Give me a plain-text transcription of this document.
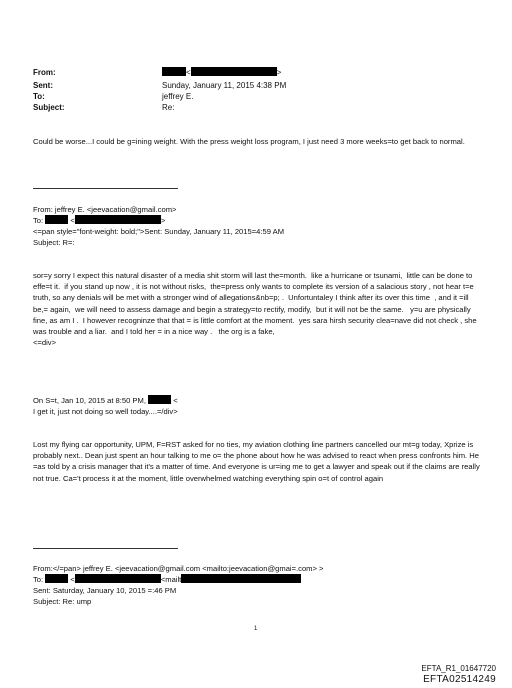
From:	<	>
Sent:	Sunday, January 11, 2015 4:38 PM
To:	jeffrey E.
Subject:	Re:
Could be worse...I could be g=ining weight. With the press weight loss program, I just need 3 more weeks=to get back to normal.
From: jeffrey E. <jeevacation@gmail.com>
To:	<	>
<=pan style="font-weight: bold;">Sent: Sunday, January 11, 2015=4:59 AM
Subject: R=:
sor=y sorry I expect this natural disaster of a media shit storm will last the=month.  like a hurricane or tsunami,  little can be done to effe=t it.  if you stand up now , it is not without risks,  the=press only wants to complete its version of a salacious story , not hear t=e truth, so any denials will be met with a stronger wind of allegations&nb=p; .  Unfortuntaley I think after its over this time  , and it =ill be,= again,  we will need to assess damage and begin a strategy=to rectify, modify,  but it will not be the same.   y=u are physically fine, as am I .  I however recogninze that that = is little comfort at the moment.  yes sara hirsh security clea=nave did not check , she was trouble and a liar.  and I told her = in a nice way .   the org is a fake,
<=div>
On S=t, Jan 10, 2015 at 8:50 PM,	<
I get it, just not doing so well today....=/div>
Lost my flying car opportunity, UPM, F=RST asked for no ties, my aviation clothing line partners cancelled our mt=g today, Xprize is probably next.. Dean just spent an hour talking to me o= the phone about how he was advised to react when press confronts him. He =as told by a crisis manager that it's a matter of time. And everyone is ur=ing me to get a lawyer and speak out if the claims are really not true. Ca='t process it at the moment, little overwhelmed watching everything spin o=t of control again
From:</=pan> jeffrey E. <jeevacation@gmail.com <mailto:jeevacation@gmai=.com> >
To:	<	<mailt
Sent: Saturday, January 10, 2015 =:46 PM
Subject: Re: ump
1
EFTA_R1_01647720
EFTA02514249
